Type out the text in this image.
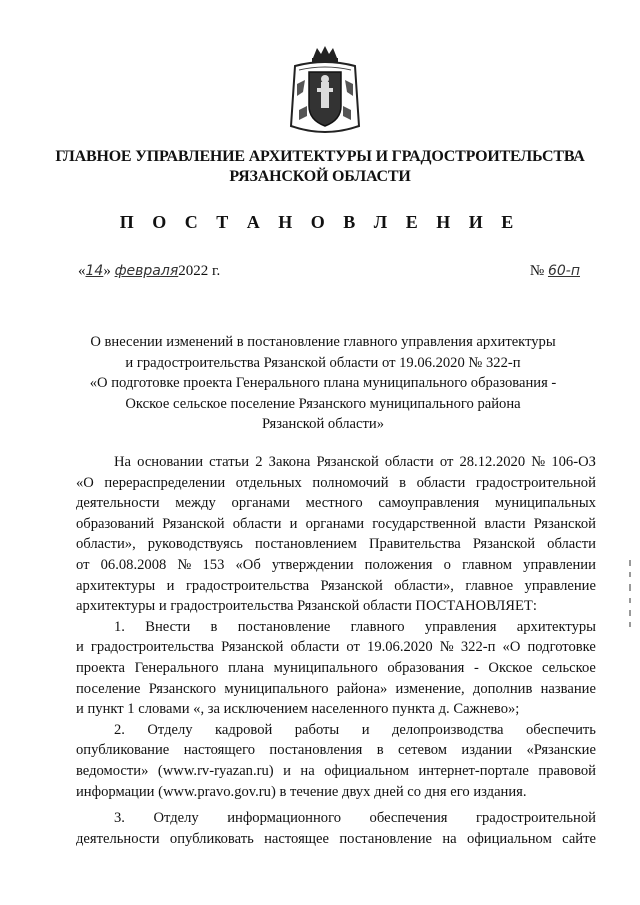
ГЛАВНОЕ УПРАВЛЕНИЕ АРХИТЕКТУРЫ И ГРАДОСТРОИТЕЛЬСТВА
РЯЗАНСКОЙ ОБЛАСТИ
П О С Т А Н О В Л Е Н И Е
«14» февраля2022 г.	№ 60-п
О внесении изменений в постановление главного управления архитектуры
и градостроительства Рязанской области от 19.06.2020 № 322-п
«О подготовке проекта Генерального плана муниципального образования -
Окское сельское поселение Рязанского муниципального района
Рязанской области»
На основании статьи 2 Закона Рязанской области от 28.12.2020 № 106-ОЗ
«О перераспределении отдельных полномочий в области градостроительной
деятельности между органами местного самоуправления муниципальных
образований Рязанской области и органами государственной власти Рязанской
области», руководствуясь постановлением Правительства Рязанской области
от 06.08.2008 № 153 «Об утверждении положения о главном управлении
архитектуры и градостроительства Рязанской области», главное управление
архитектуры и градостроительства Рязанской области ПОСТАНОВЛЯЕТ:
1. Внести в постановление главного управления архитектуры
и градостроительства Рязанской области от 19.06.2020 № 322-п «О подготовке
проекта Генерального плана муниципального образования - Окское сельское
поселение Рязанского муниципального района» изменение, дополнив название
и пункт 1 словами «, за исключением населенного пункта д. Сажнево»;
2. Отделу кадровой работы и делопроизводства обеспечить
опубликование настоящего постановления в сетевом издании «Рязанские
ведомости» (www.rv-ryazan.ru) и на официальном интернет-портале правовой
информации (www.pravo.gov.ru) в течение двух дней со дня его издания.
3. Отделу информационного обеспечения градостроительной
деятельности опубликовать настоящее постановление на официальном сайте
